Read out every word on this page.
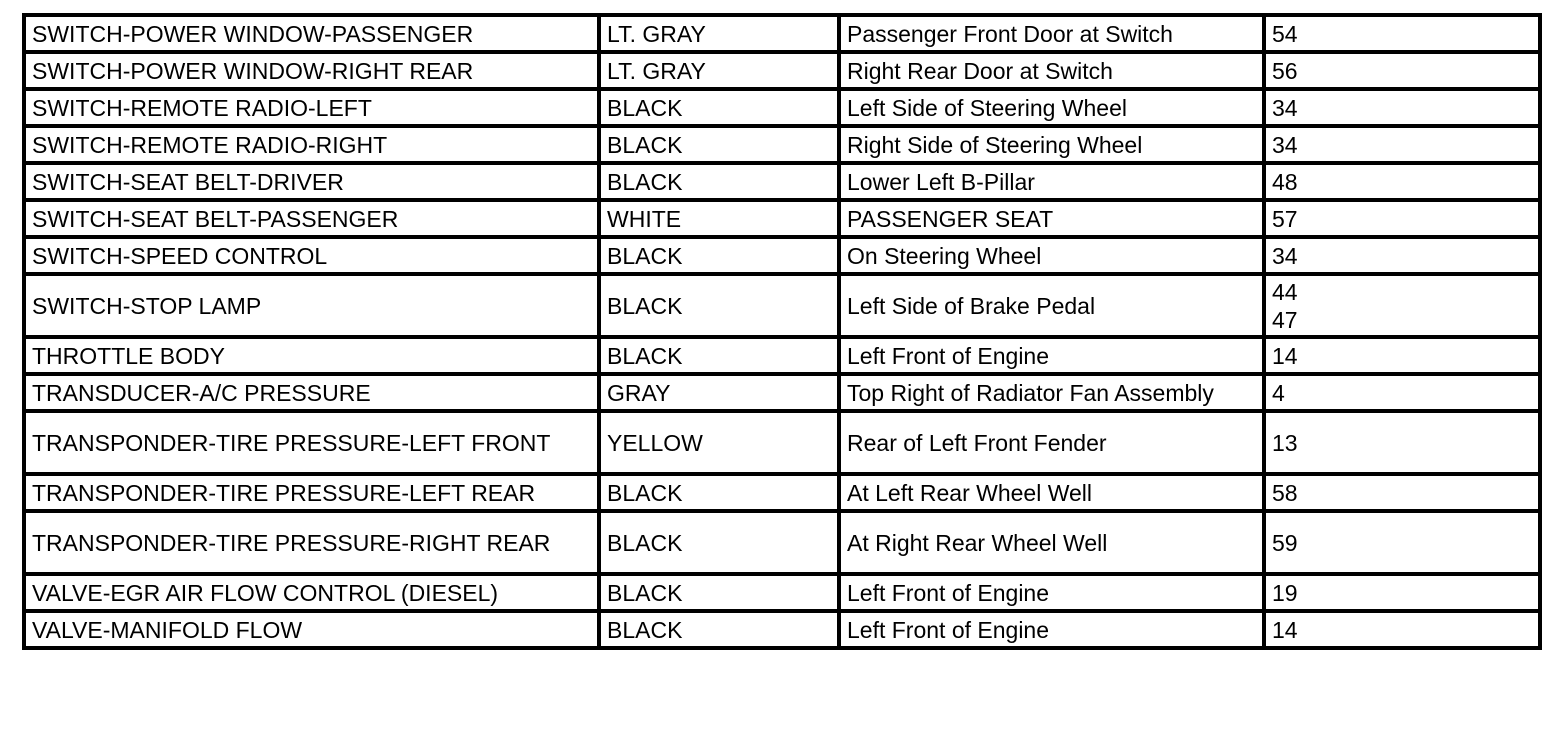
SWITCH-POWER WINDOW-PASSENGER	LT. GRAY	Passenger Front Door at Switch	54

SWITCH-POWER WINDOW-RIGHT REAR	LT. GRAY	Right Rear Door at Switch	56

SWITCH-REMOTE RADIO-LEFT	BLACK	Left Side of Steering Wheel	34

SWITCH-REMOTE RADIO-RIGHT	BLACK	Right Side of Steering Wheel	34

SWITCH-SEAT BELT-DRIVER	BLACK	Lower Left B-Pillar	48

SWITCH-SEAT BELT-PASSENGER	WHITE	PASSENGER SEAT	57

SWITCH-SPEED CONTROL	BLACK	On Steering Wheel	34

SWITCH-STOP LAMP	BLACK	Left Side of Brake Pedal	44
47

THROTTLE BODY	BLACK	Left Front of Engine	14

TRANSDUCER-A/C PRESSURE	GRAY	Top Right of Radiator Fan Assembly	4

TRANSPONDER-TIRE PRESSURE-LEFT FRONT	YELLOW	Rear of Left Front Fender	13

TRANSPONDER-TIRE PRESSURE-LEFT REAR	BLACK	At Left Rear Wheel Well	58

TRANSPONDER-TIRE PRESSURE-RIGHT REAR	BLACK	At Right Rear Wheel Well	59

VALVE-EGR AIR FLOW CONTROL (DIESEL)	BLACK	Left Front of Engine	19

VALVE-MANIFOLD FLOW	BLACK	Left Front of Engine	14
